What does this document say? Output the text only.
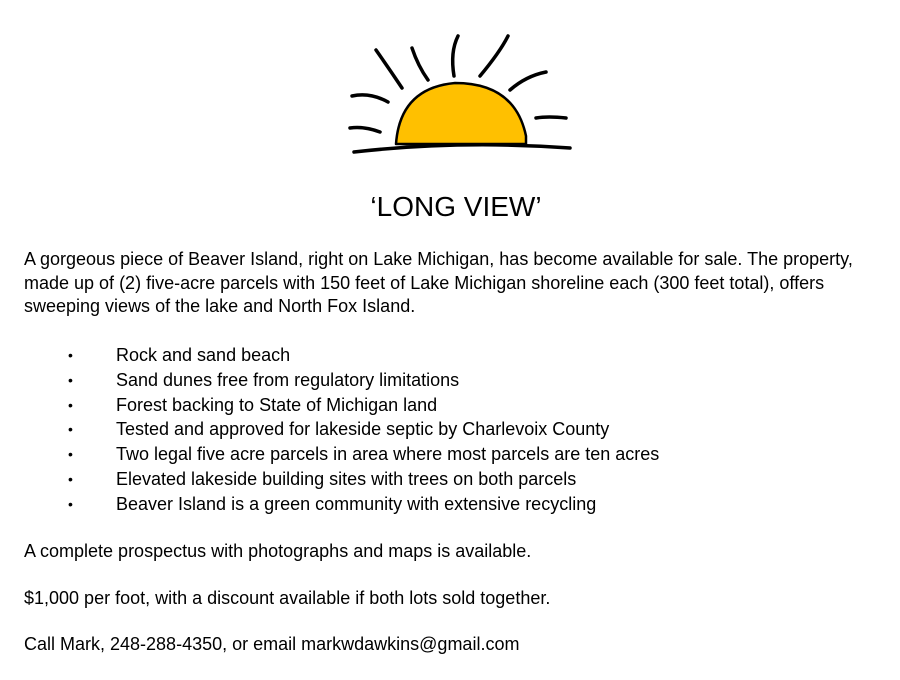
‘LONG VIEW’

A gorgeous piece of Beaver Island, right on Lake Michigan, has become available for sale. The property, made up of (2) five-acre parcels with 150 feet of Lake Michigan shoreline each (300 feet total), offers sweeping views of the lake and North Fox Island.

• Rock and sand beach
• Sand dunes free from regulatory limitations
• Forest backing to State of Michigan land
• Tested and approved for lakeside septic by Charlevoix County
• Two legal five acre parcels in area where most parcels are ten acres
• Elevated lakeside building sites with trees on both parcels
• Beaver Island is a green community with extensive recycling

A complete prospectus with photographs and maps is available.

$1,000 per foot, with a discount available if both lots sold together.

Call Mark, 248-288-4350, or email markwdawkins@gmail.com
